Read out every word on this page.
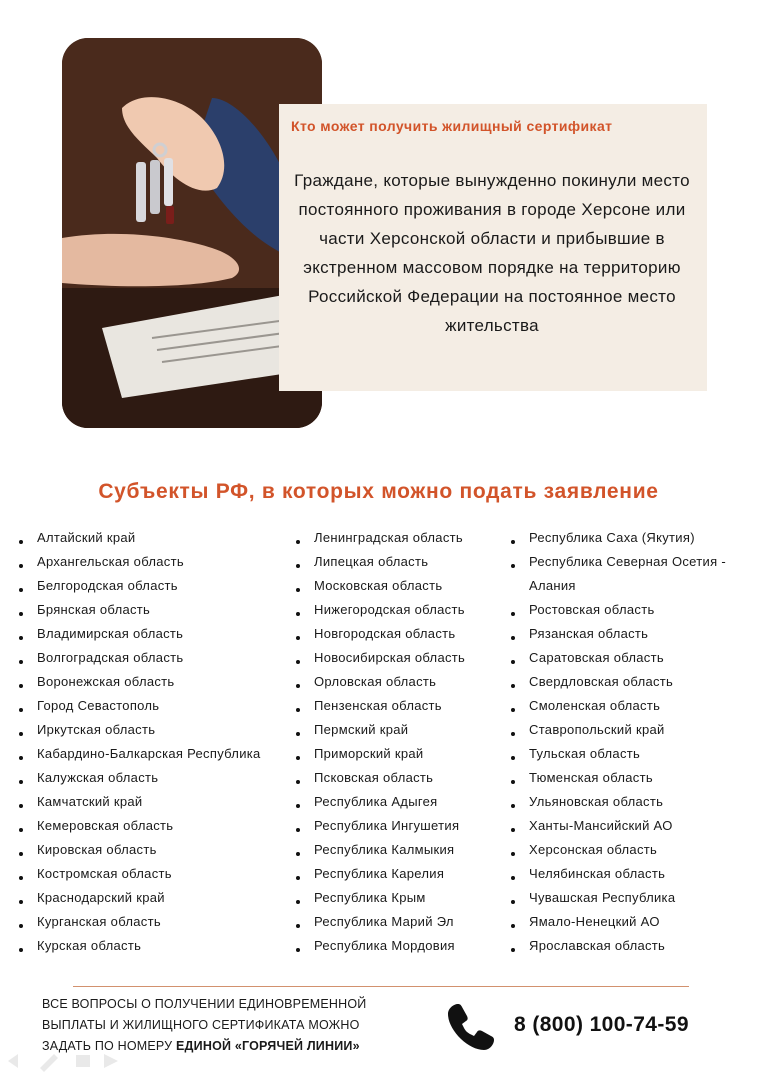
Кто может получить жилищный сертификат
Граждане, которые вынужденно покинули место постоянного проживания в городе Херсоне или части Херсонской области и прибывшие в экстренном массовом порядке на территорию Российской Федерации на постоянное место жительства
Субъекты РФ, в которых можно подать заявление
Алтайский край
Архангельская область
Белгородская область
Брянская область
Владимирская область
Волгоградская область
Воронежская область
Город Севастополь
Иркутская область
Кабардино-Балкарская Республика
Калужская область
Камчатский край
Кемеровская область
Кировская область
Костромская область
Краснодарский край
Курганская область
Курская область
Ленинградская область
Липецкая область
Московская область
Нижегородская область
Новгородская область
Новосибирская область
Орловская область
Пензенская область
Пермский край
Приморский край
Псковская область
Республика Адыгея
Республика Ингушетия
Республика Калмыкия
Республика Карелия
Республика Крым
Республика Марий Эл
Республика Мордовия
Республика Саха (Якутия)
Республика Северная Осетия -
Алания
Ростовская область
Рязанская область
Саратовская область
Свердловская область
Смоленская область
Ставропольский край
Тульская область
Тюменская область
Ульяновская область
Ханты-Мансийский АО
Херсонская область
Челябинская область
Чувашская Республика
Ямало-Ненецкий АО
Ярославская область
ВСЕ ВОПРОСЫ О ПОЛУЧЕНИИ ЕДИНОВРЕМЕННОЙ
ВЫПЛАТЫ И ЖИЛИЩНОГО СЕРТИФИКАТА МОЖНО
ЗАДАТЬ ПО НОМЕРУ ЕДИНОЙ «ГОРЯЧЕЙ ЛИНИИ»
8 (800) 100-74-59
